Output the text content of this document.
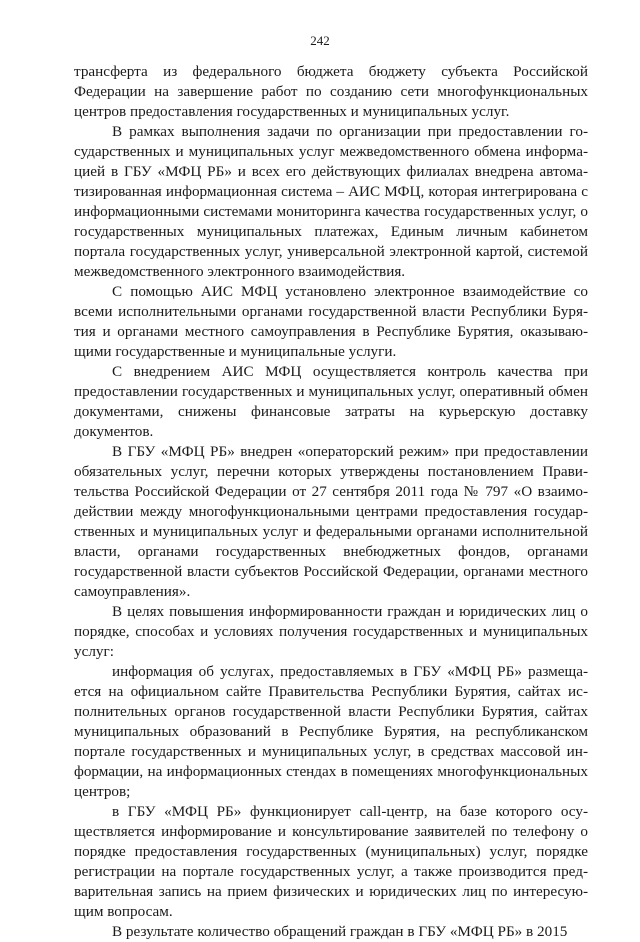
242

трансферта из федерального бюджета бюджету субъекта Российской Федерации на завершение работ по созданию сети многофункциональных центров предоставления государственных и муниципальных услуг.

В рамках выполнения задачи по организации при предоставлении государственных и муниципальных услуг межведомственного обмена информацией в ГБУ «МФЦ РБ» и всех его действующих филиалах внедрена автоматизированная информационная система – АИС МФЦ, которая интегрирована с информационными системами мониторинга качества государственных услуг, о государственных муниципальных платежах, Единым личным кабинетом портала государственных услуг, универсальной электронной картой, системой межведомственного электронного взаимодействия.

С помощью АИС МФЦ установлено электронное взаимодействие со всеми исполнительными органами государственной власти Республики Бурятия и органами местного самоуправления в Республике Бурятия, оказывающими государственные и муниципальные услуги.

С внедрением АИС МФЦ осуществляется контроль качества при предоставлении государственных и муниципальных услуг, оперативный обмен документами, снижены финансовые затраты на курьерскую доставку документов.

В ГБУ «МФЦ РБ» внедрен «операторский режим» при предоставлении обязательных услуг, перечни которых утверждены постановлением Правительства Российской Федерации от 27 сентября 2011 года № 797 «О взаимодействии между многофункциональными центрами предоставления государственных и муниципальных услуг и федеральными органами исполнительной власти, органами государственных внебюджетных фондов, органами государственной власти субъектов Российской Федерации, органами местного самоуправления».

В целях повышения информированности граждан и юридических лиц о порядке, способах и условиях получения государственных и муниципальных услуг:

информация об услугах, предоставляемых в ГБУ «МФЦ РБ» размещается на официальном сайте Правительства Республики Бурятия, сайтах исполнительных органов государственной власти Республики Бурятия, сайтах муниципальных образований в Республике Бурятия, на республиканском портале государственных и муниципальных услуг, в средствах массовой информации, на информационных стендах в помещениях многофункциональных центров;

в ГБУ «МФЦ РБ» функционирует call-центр, на базе которого осуществляется информирование и консультирование заявителей по телефону о порядке предоставления государственных (муниципальных) услуг, порядке регистрации на портале государственных услуг, а также производится предварительная запись на прием физических и юридических лиц по интересующим вопросам.

В результате количество обращений граждан в ГБУ «МФЦ РБ» в 2015
